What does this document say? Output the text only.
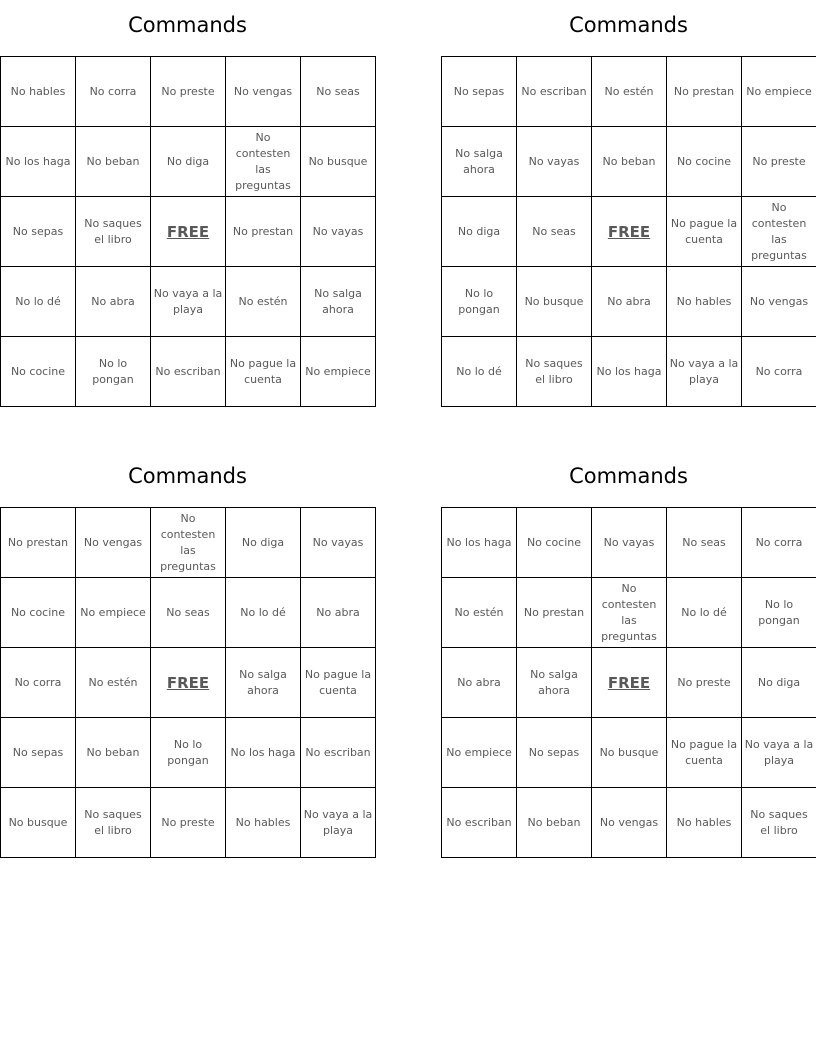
Commands
No hables	No corra	No preste	No vengas	No seas
No los haga	No beban	No diga	No contesten las preguntas	No busque
No sepas	No saques el libro	FREE	No prestan	No vayas
No lo dé	No abra	No vaya a la playa	No estén	No salga ahora
No cocine	No lo pongan	No escriban	No pague la cuenta	No empiece
Commands
No sepas	No escriban	No estén	No prestan	No empiece
No salga ahora	No vayas	No beban	No cocine	No preste
No diga	No seas	FREE	No pague la cuenta	No contesten las preguntas
No lo pongan	No busque	No abra	No hables	No vengas
No lo dé	No saques el libro	No los haga	No vaya a la playa	No corra
Commands
No prestan	No vengas	No contesten las preguntas	No diga	No vayas
No cocine	No empiece	No seas	No lo dé	No abra
No corra	No estén	FREE	No salga ahora	No pague la cuenta
No sepas	No beban	No lo pongan	No los haga	No escriban
No busque	No saques el libro	No preste	No hables	No vaya a la playa
Commands
No los haga	No cocine	No vayas	No seas	No corra
No estén	No prestan	No contesten las preguntas	No lo dé	No lo pongan
No abra	No salga ahora	FREE	No preste	No diga
No empiece	No sepas	No busque	No pague la cuenta	No vaya a la playa
No escriban	No beban	No vengas	No hables	No saques el libro
